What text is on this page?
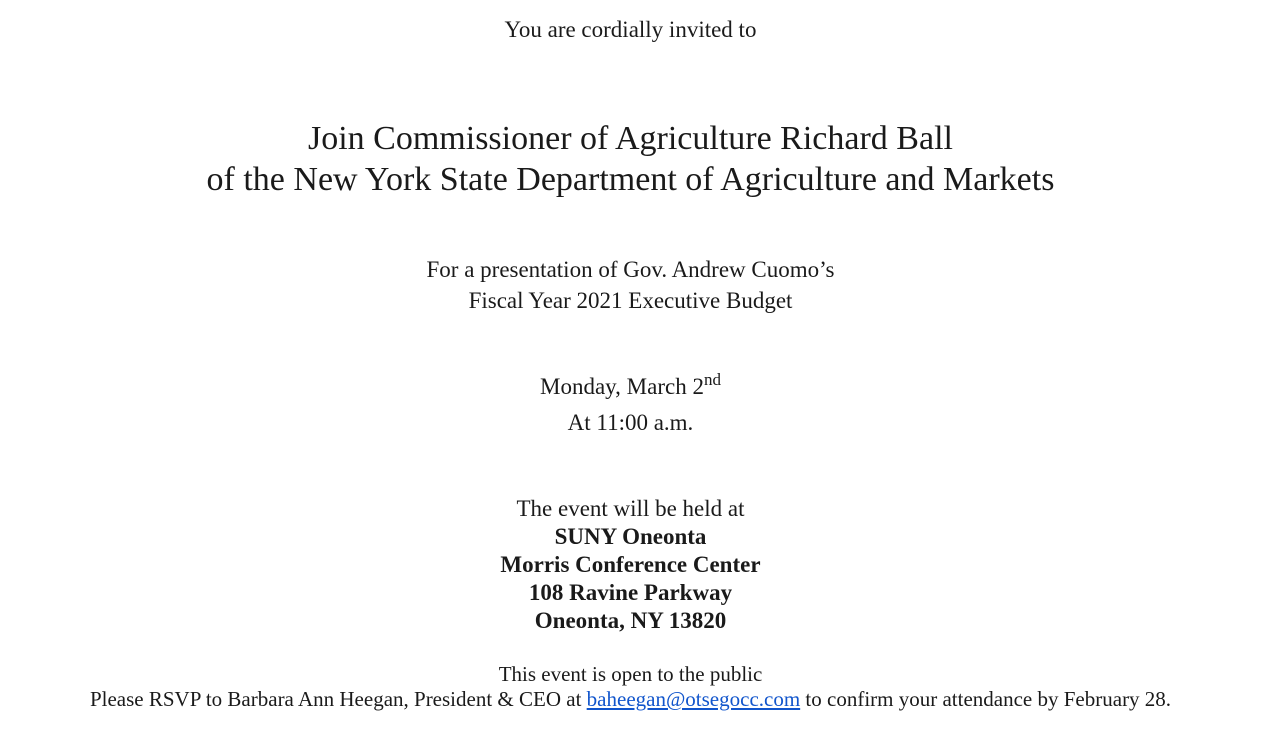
You are cordially invited to
Join Commissioner of Agriculture Richard Ball
of the New York State Department of Agriculture and Markets
For a presentation of Gov. Andrew Cuomo’s
Fiscal Year 2021 Executive Budget
Monday, March 2nd
At 11:00 a.m.
The event will be held at
SUNY Oneonta
Morris Conference Center
108 Ravine Parkway
Oneonta, NY 13820
This event is open to the public
Please RSVP to Barbara Ann Heegan, President & CEO at baheegan@otsegocc.com to confirm your attendance by February 28.
